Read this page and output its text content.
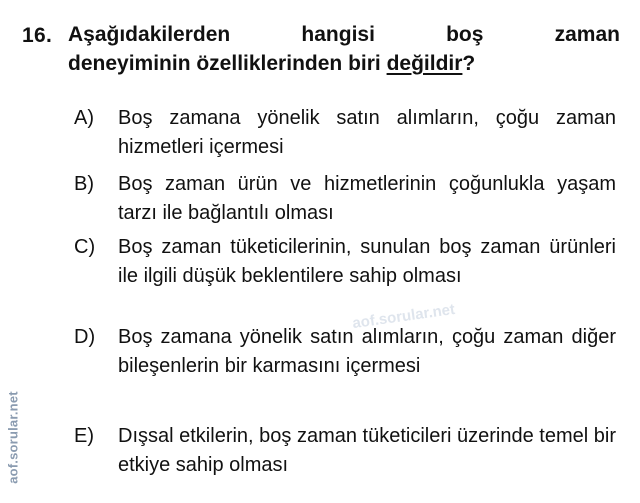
16. Aşağıdakilerden	hangisi	boş	zaman
deneyiminin özelliklerinden biri değildir?
A) Boş zamana yönelik satın alımların, çoğu zaman hizmetleri içermesi
B) Boş zaman ürün ve hizmetlerinin çoğunlukla yaşam tarzı ile bağlantılı olması
C) Boş zaman tüketicilerinin, sunulan boş zaman ürünleri ile ilgili düşük beklentilere sahip olması
D) Boş zamana yönelik satın alımların, çoğu zaman diğer bileşenlerin bir karmasını içermesi
E) Dışsal etkilerin, boş zaman tüketicileri üzerinde temel bir etkiye sahip olması
aof.sorular.net
aof.sorular.net
